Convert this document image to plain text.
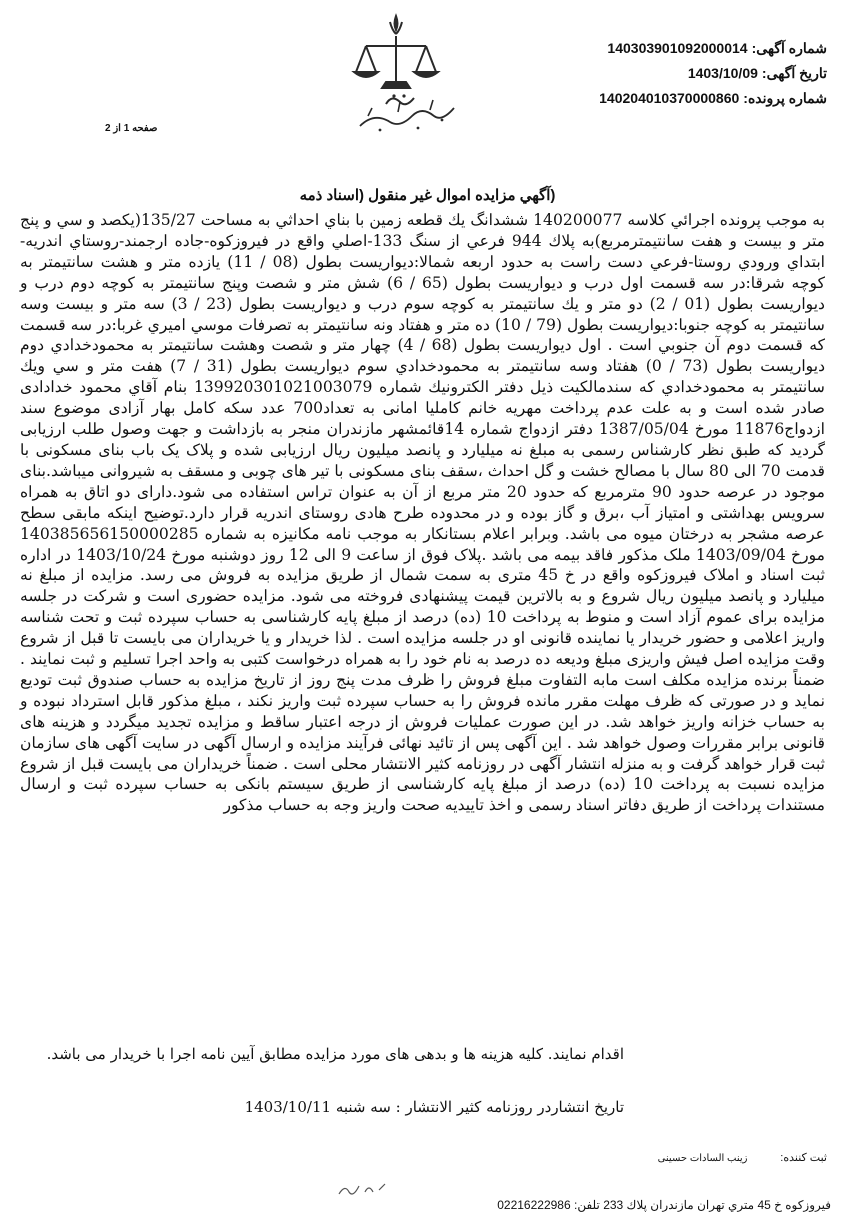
شماره آگهی:140303901092000014
تاریخ آگهی:1403/10/09
شماره پرونده:140204010370000860
صفحه 1 از 2
(آگهي مزايده اموال غير منقول (اسناد ذمه
به موجب پرونده اجرائي كلاسه 140200077 ششدانگ يك قطعه زمين با بناي احداثي به مساحت 135/27(يكصد و سي و پنج متر و بيست و هفت سانتيمترمربع)به پلاك 944 فرعي از سنگ 133-اصلي واقع در فيروزكوه-جاده ارجمند-روستاي اندريه-ابتداي ورودي روستا-فرعي دست راست به حدود اربعه شمالا:ديواريست بطول (08 / 11) يازده متر و هشت سانتيمتر به كوچه شرقا:در سه قسمت اول درب و ديواريست بطول (65 / 6) شش متر و شصت وپنج سانتيمتر به كوچه دوم درب و ديواريست بطول (01 / 2) دو متر و يك سانتيمتر به كوچه سوم درب و ديواريست بطول (23 / 3) سه متر و بيست وسه سانتيمتر به كوچه جنوبا:ديواريست بطول (79 / 10) ده متر و هفتاد ونه سانتيمتر به تصرفات موسي اميري غربا:در سه قسمت كه قسمت دوم آن جنوبي است . اول ديواريست بطول (68 / 4) چهار متر و شصت وهشت سانتيمتر به محمودخدادي دوم ديواريست بطول (73 / 0) هفتاد وسه سانتيمتر به محمودخدادي سوم ديواريست بطول (31 / 7) هفت متر و سي ويك سانتيمتر به محمودخدادي كه سندمالكيت ذيل دفتر الكترونيك شماره 139920301021003079 بنام آقاي محمود خدادادی صادر شده است و به علت عدم پرداخت مهریه خانم کاملیا امانی به تعداد700 عدد سکه کامل بهار آزادی موضوع سند ازدواج11876 مورخ 1387/05/04 دفتر ازدواج شماره 14قائمشهر مازندران منجر به بازداشت و جهت وصول طلب ارزیابی گردید که طبق نظر کارشناس رسمی به مبلغ نه میلیارد و پانصد میلیون ریال ارزیابی شده و پلاک یک باب بنای مسکونی با قدمت 70 الی 80 سال با مصالح خشت و گل احداث ،سقف بنای مسکونی با تیر های چوبی و مسقف به شیروانی میباشد.بنای موجود در عرصه حدود 90 مترمربع که حدود 20 متر مربع از آن به عنوان تراس استفاده می شود.دارای دو اتاق به همراه سرویس بهداشتی و امتیاز آب ،برق و گاز بوده و در محدوده طرح هادی روستای اندریه قرار دارد.توضیح اینکه مابقی سطح عرصه مشجر به درختان میوه می باشد. وبرابر اعلام بستانکار به موجب نامه مکانیزه به شماره 140385656150000285 مورخ 1403/09/04 ملک مذکور فاقد بیمه می باشد .پلاک فوق از ساعت 9 الی 12 روز دوشنبه مورخ 1403/10/24 در اداره ثبت اسناد و املاک فیروزکوه واقع در خ 45 متری به سمت شمال از طریق مزایده به فروش می رسد. مزایده از مبلغ نه میلیارد و پانصد میلیون ریال شروع و به بالاترین قیمت پیشنهادی فروخته می شود. مزایده حضوری است و شرکت در جلسه مزایده برای عموم آزاد است و منوط به پرداخت 10 (ده) درصد از مبلغ پایه کارشناسی به حساب سپرده ثبت و تحت شناسه واریز اعلامی و حضور خریدار یا نماینده قانونی او در جلسه مزایده است . لذا خریدار و یا خریداران می بایست تا قبل از شروع وقت مزایده اصل فیش واریزی مبلغ ودیعه ده درصد به نام خود را به همراه درخواست کتبی به واحد اجرا تسلیم و ثبت نمایند . ضمناً برنده مزایده مکلف است مابه التفاوت مبلغ فروش را ظرف مدت پنج روز از تاریخ مزایده به حساب صندوق ثبت تودیع نماید و در صورتی که ظرف مهلت مقرر مانده فروش را به حساب سپرده ثبت واریز نکند ، مبلغ مذکور قابل استرداد نبوده و به حساب خزانه واریز خواهد شد. در این صورت عملیات فروش از درجه اعتبار ساقط و مزایده تجدید میگردد و هزینه های قانونی برابر مقررات وصول خواهد شد . این آگهی پس از تائید نهائی فرآیند مزایده و ارسال آگهی در سایت آگهی های سازمان ثبت قرار خواهد گرفت و به منزله انتشار آگهی در روزنامه کثیر الانتشار محلی است . ضمناً خریداران می بایست قبل از شروع مزایده نسبت به پرداخت 10 (ده) درصد از مبلغ پایه کارشناسی از طریق سیستم بانکی به حساب سپرده ثبت و ارسال مستندات پرداخت از طریق دفاتر اسناد رسمی و اخذ تاییدیه صحت واریز وجه به حساب مذکور
اقدام نمایند. کلیه هزینه ها و بدهی های مورد مزایده مطابق آیین نامه اجرا با خریدار می باشد.
تاریخ انتشاردر روزنامه کثیر الانتشار : سه شنبه 1403/10/11
ثبت کننده: زینب السادات حسینی
فیروزکوه خ 45 متري تهران مازندران پلاك 233 تلفن: 02216222986
